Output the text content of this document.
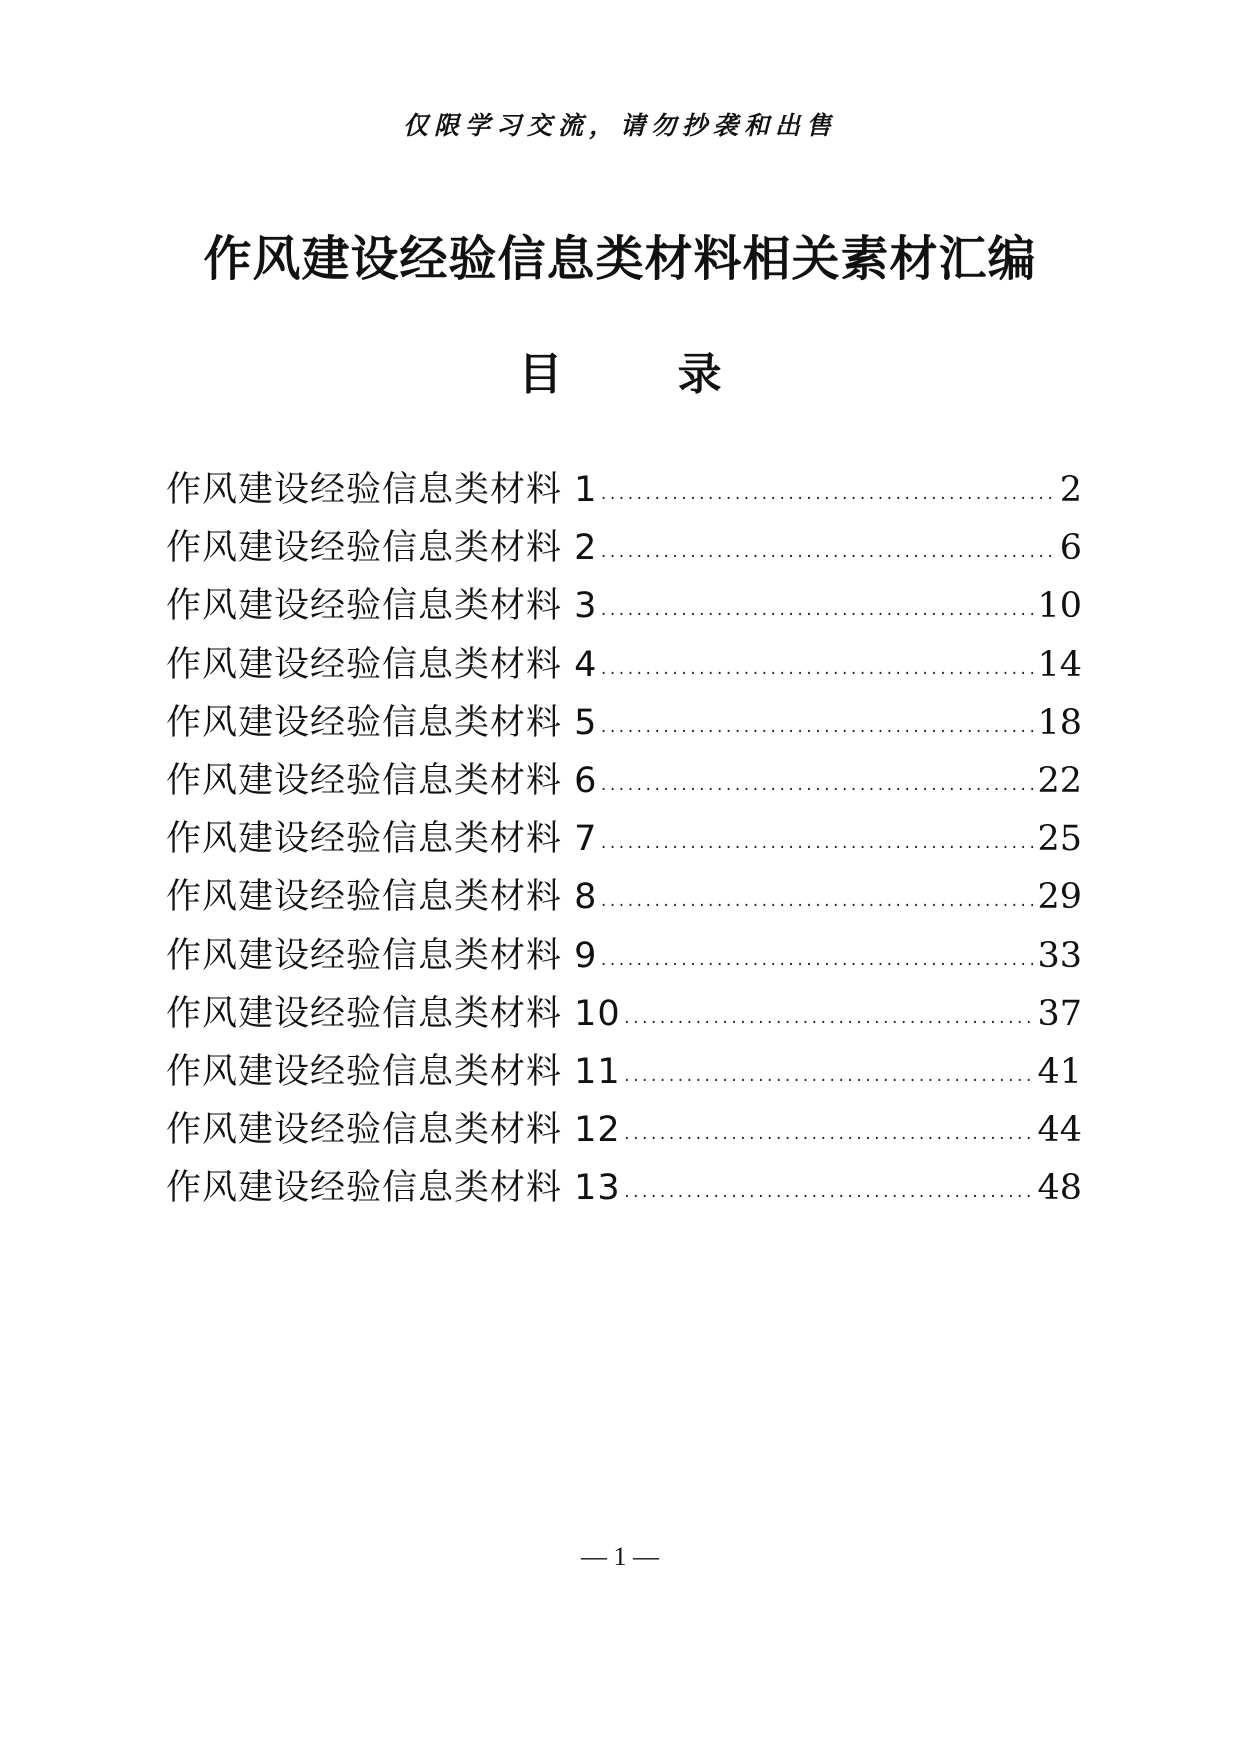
仅限学习交流，请勿抄袭和出售
作风建设经验信息类材料相关素材汇编
目 录
作风建设经验信息类材料 1 ·····	2
作风建设经验信息类材料 2 ·····	6
作风建设经验信息类材料 3 ·····	10
作风建设经验信息类材料 4 ·····	14
作风建设经验信息类材料 5 ·····	18
作风建设经验信息类材料 6 ·····	22
作风建设经验信息类材料 7 ·····	25
作风建设经验信息类材料 8 ·····	29
作风建设经验信息类材料 9 ·····	33
作风建设经验信息类材料 10 ·····	37
作风建设经验信息类材料 11 ·····	41
作风建设经验信息类材料 12 ·····	44
作风建设经验信息类材料 13 ·····	48
— 1 —
